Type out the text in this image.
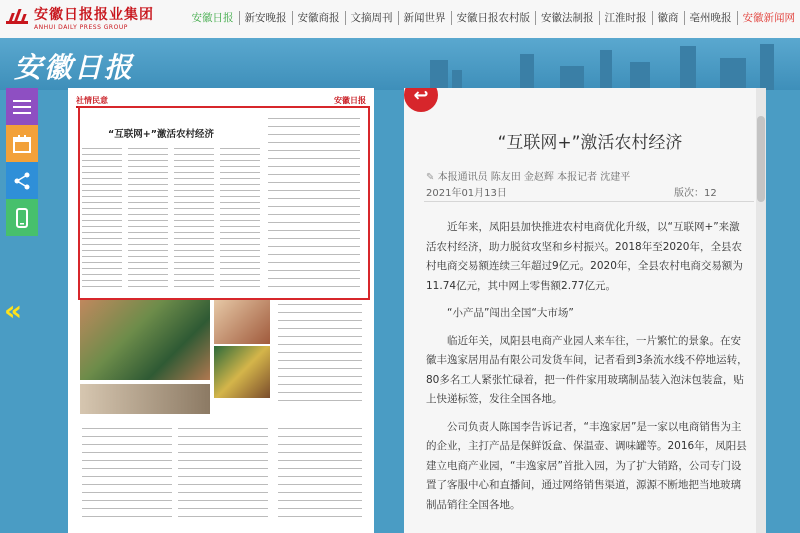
安徽日报报业集团
ANHUI DAILY PRESS GROUP
安徽日报	新安晚报	安徽商报	文摘周刊	新闻世界	安徽日报农村版	安徽法制报	江淮时报	徽商	亳州晚报	安徽新闻网
安徽日报
«
社情民意	安徽日报
“互联网+”激活农村经济
↩
“互联网+”激活农村经济
✎ 本报通讯员 陈友田 金赵辉 本报记者 沈建平
2021年01月13日	版次：12

近年来，凤阳县加快推进农村电商优化升级，以“互联网+”来激活农村经济，助力脱贫攻坚和乡村振兴。2018年至2020年，全县农村电商交易额连续三年超过9亿元。2020年，全县农村电商交易额为11.74亿元，其中网上零售额2.77亿元。

“小产品”闯出全国“大市场”

临近年关，凤阳县电商产业园人来车往，一片繁忙的景象。在安徽丰逸家居用品有限公司发货车间，记者看到3条流水线不停地运转，80多名工人紧张忙碌着，把一件件家用玻璃制品装入泡沫包装盒，贴上快递标签，发往全国各地。

公司负责人陈国李告诉记者，“丰逸家居”是一家以电商销售为主的企业，主打产品是保鲜饭盒、保温壶、调味罐等。2016年，凤阳县建立电商产业园，“丰逸家居”首批入园，为了扩大销路，公司专门设置了客服中心和直播间，通过网络销售渠道，源源不断地把当地玻璃制品销往全国各地。
